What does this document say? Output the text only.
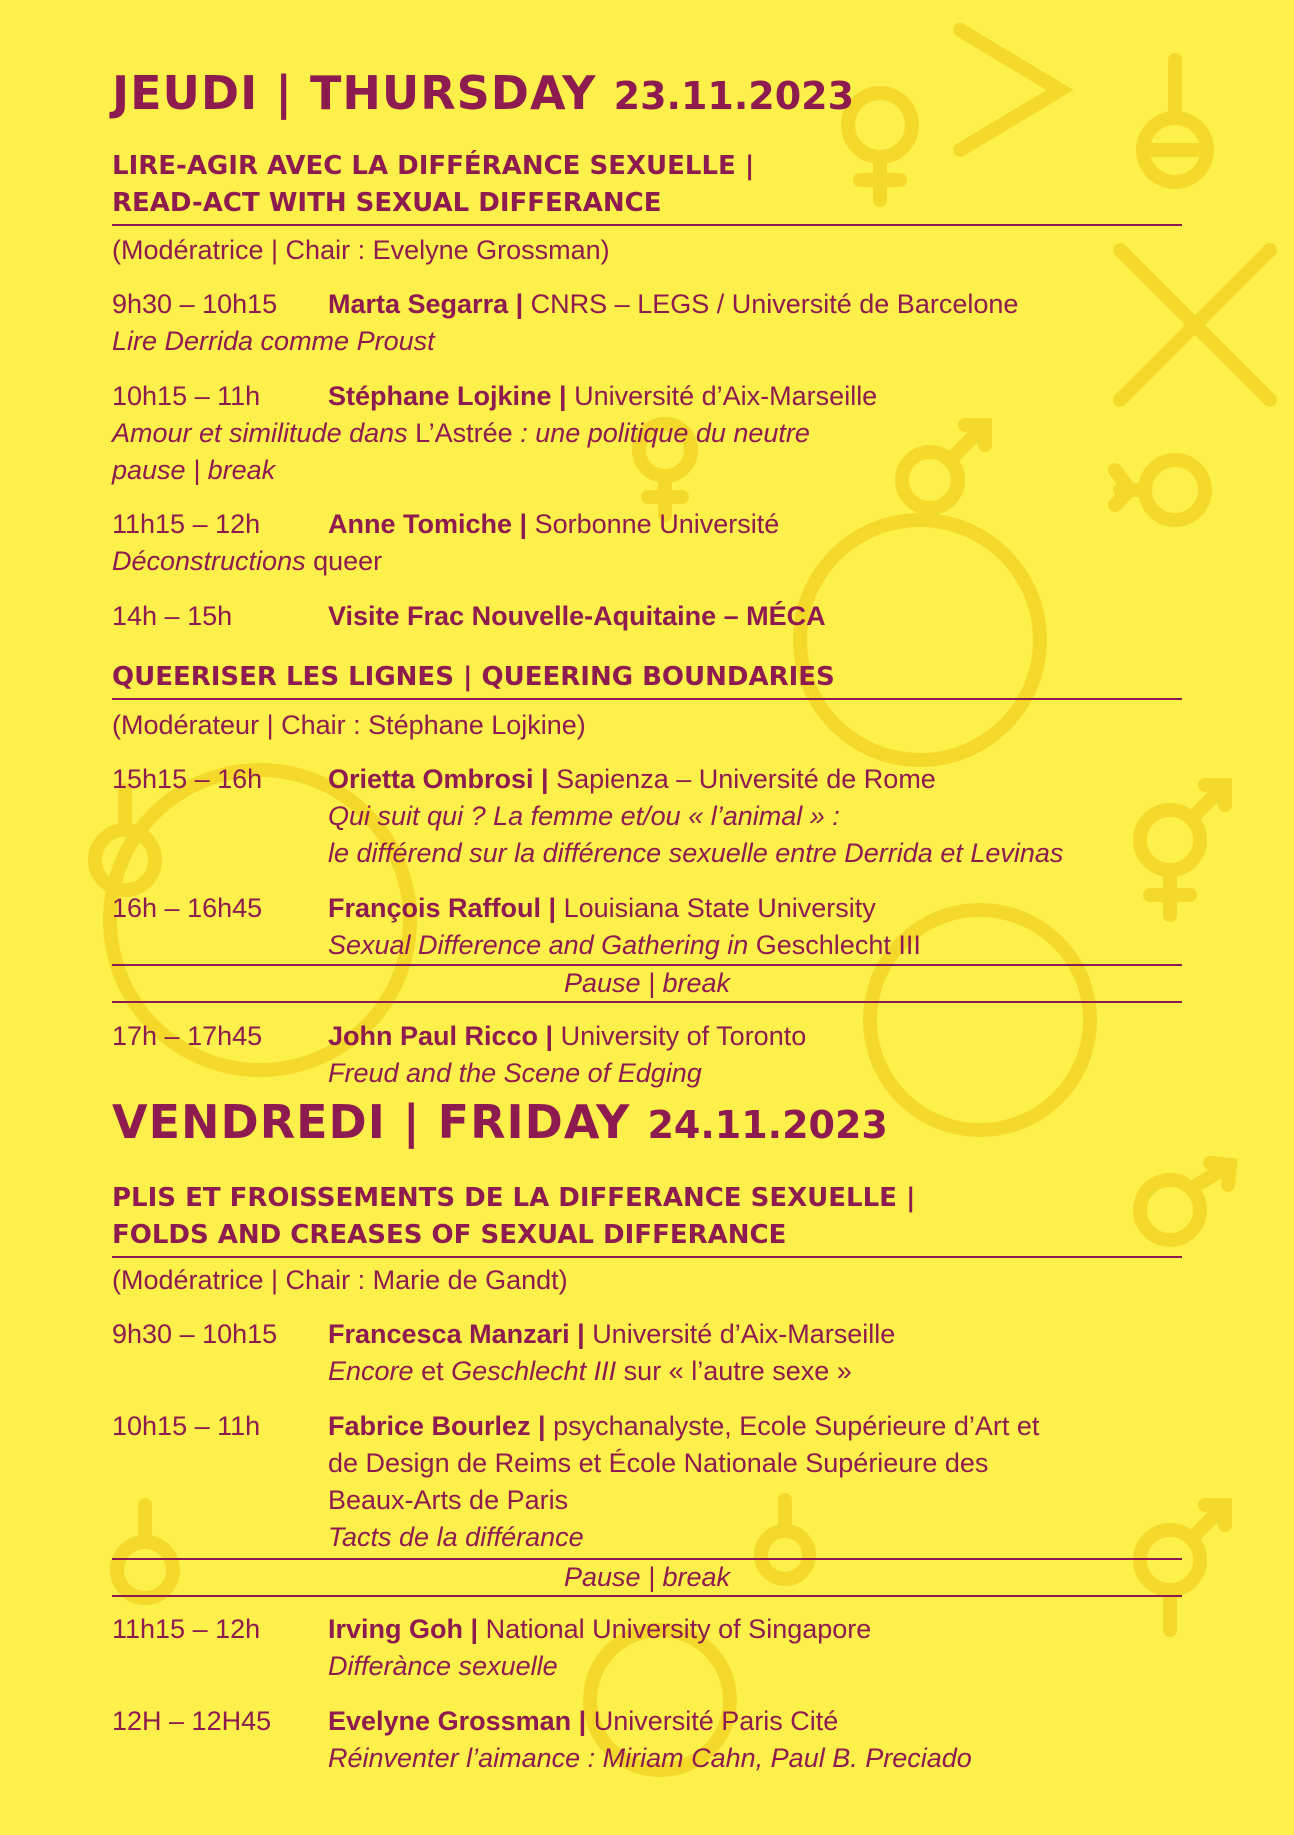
JEUDI | THURSDAY 23.11.2023
LIRE-AGIR AVEC LA DIFFÉRANCE SEXUELLE |
READ-ACT WITH SEXUAL DIFFERANCE
(Modératrice | Chair : Evelyne Grossman)
9h30 – 10h15 Marta Segarra | CNRS – LEGS / Université de Barcelone
Lire Derrida comme Proust
10h15 – 11h	Stéphane Lojkine | Université d’Aix-Marseille
Amour et similitude dans L’Astrée : une politique du neutre
pause | break
11h15 – 12h	Anne Tomiche | Sorbonne Université
Déconstructions queer
14h – 15h	Visite Frac Nouvelle-Aquitaine – MÉCA
QUEERISER LES LIGNES | QUEERING BOUNDARIES
(Modérateur | Chair : Stéphane Lojkine)
15h15 – 16h Orietta Ombrosi | Sapienza – Université de Rome
Qui suit qui ? La femme et/ou « l’animal » :
le différend sur la différence sexuelle entre Derrida et Levinas
16h – 16h45 François Raffoul | Louisiana State University
Sexual Difference and Gathering in Geschlecht III
Pause | break
17h – 17h45 John Paul Ricco | University of Toronto
Freud and the Scene of Edging
VENDREDI | FRIDAY 24.11.2023
PLIS ET FROISSEMENTS DE LA DIFFERANCE SEXUELLE |
FOLDS AND CREASES OF SEXUAL DIFFERANCE
(Modératrice | Chair : Marie de Gandt)
9h30 – 10h15 Francesca Manzari | Université d’Aix-Marseille
Encore et Geschlecht III sur « l’autre sexe »
10h15 – 11h	Fabrice Bourlez | psychanalyste, Ecole Supérieure d’Art et
de Design de Reims et École Nationale Supérieure des
Beaux-Arts de Paris
Tacts de la différance
Pause | break
11h15 – 12h	Irving Goh | National University of Singapore
Differànce sexuelle
12H – 12H45 Evelyne Grossman | Université Paris Cité
Réinventer l’aimance : Miriam Cahn, Paul B. Preciado
